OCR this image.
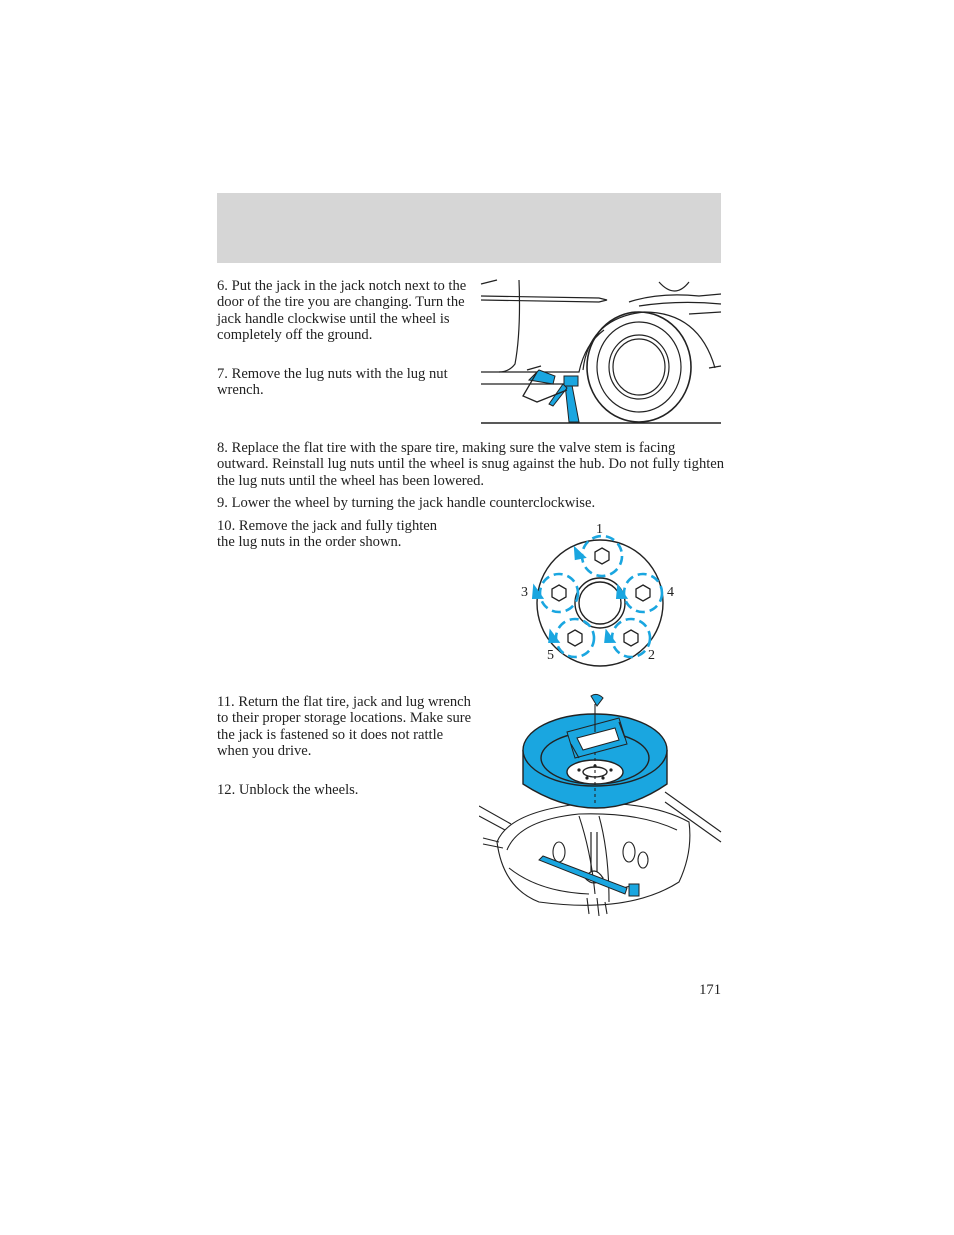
6. Put the jack in the jack notch next to the door of the tire you are changing. Turn the jack handle clockwise until the wheel is completely off the ground.

7. Remove the lug nuts with the lug nut wrench.

8. Replace the flat tire with the spare tire, making sure the valve stem is facing outward. Reinstall lug nuts until the wheel is snug against the hub. Do not fully tighten the lug nuts until the wheel has been lowered.

9. Lower the wheel by turning the jack handle counterclockwise.

10. Remove the jack and fully tighten the lug nuts in the order shown.

1
2
3	4
5

11. Return the flat tire, jack and lug wrench to their proper storage locations. Make sure the jack is fastened so it does not rattle when you drive.

12. Unblock the wheels.

171
